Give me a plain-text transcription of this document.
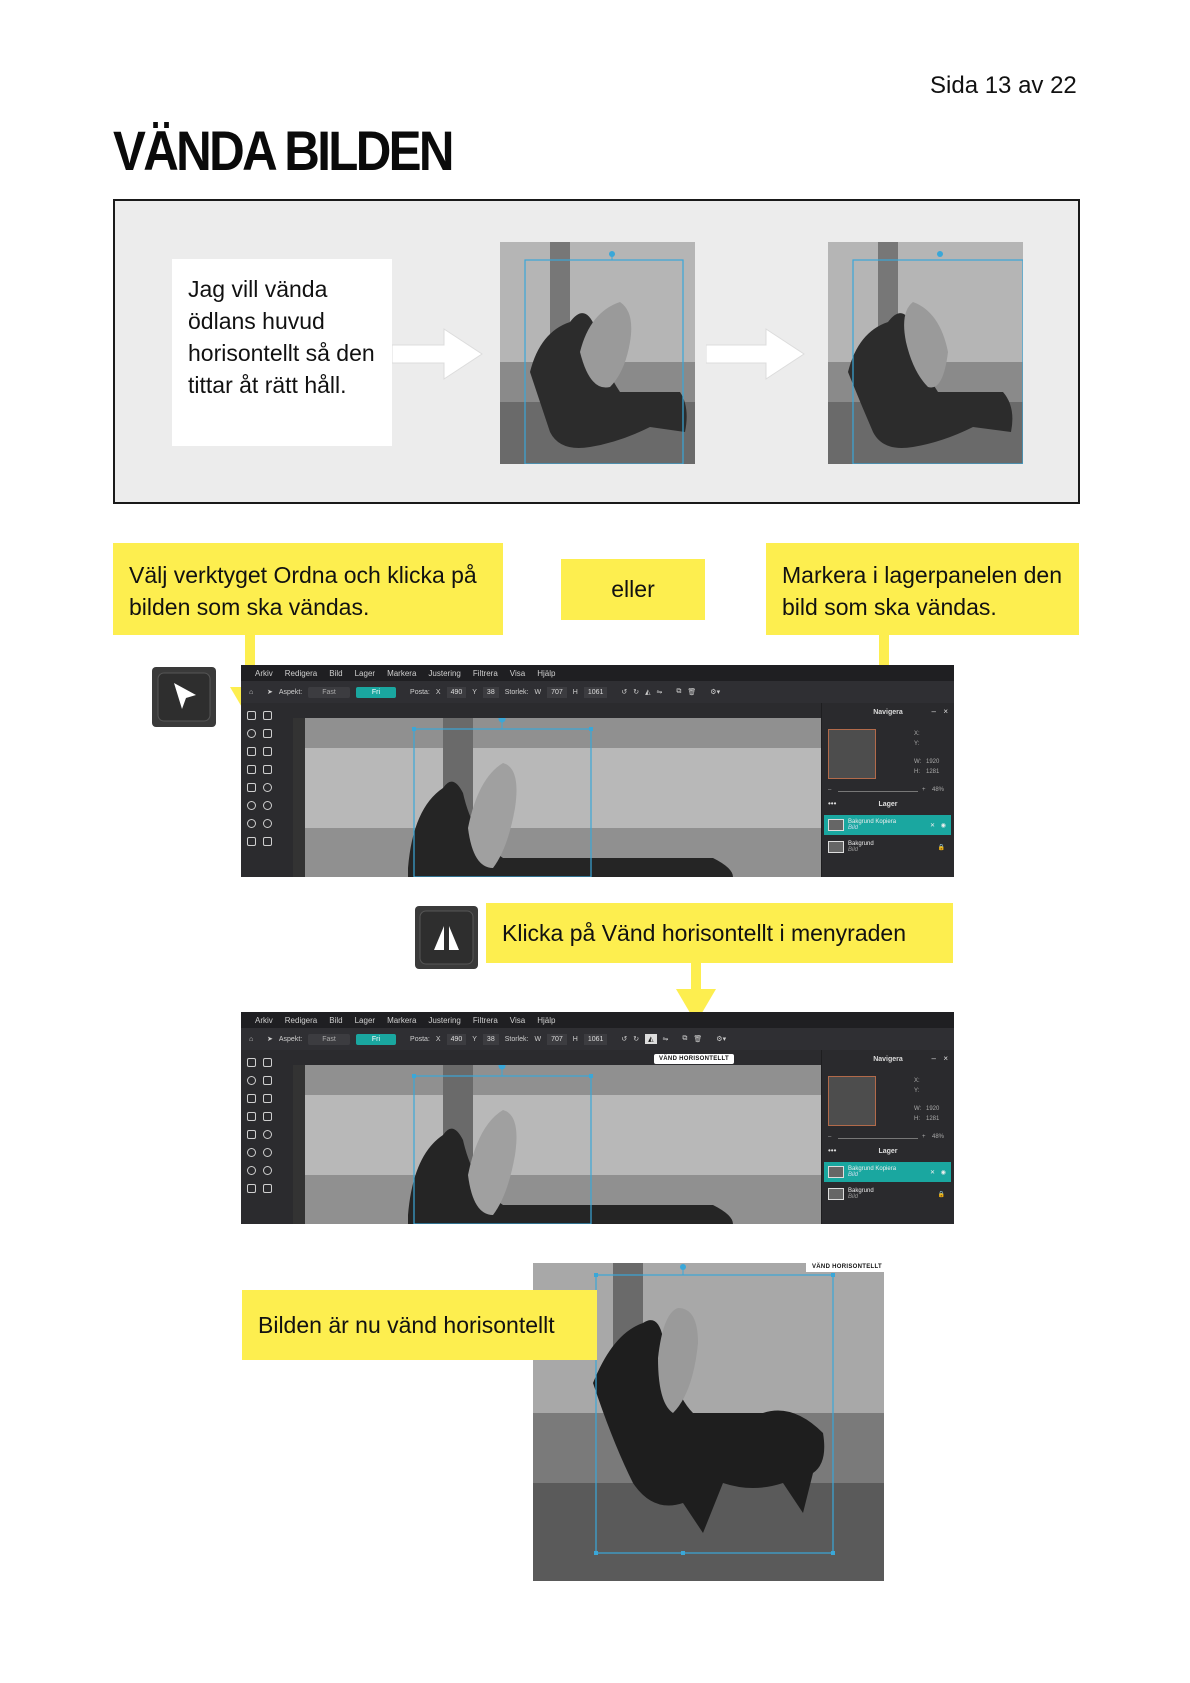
Sida 13 av 22
VÄNDA BILDEN
Jag vill vända ödlans huvud horisontellt så den tittar åt rätt håll.
Välj verktyget Ordna och klicka på bilden som ska vändas.
eller
Markera i lagerpanelen den bild som ska vändas.
Arkiv Redigera Bild Lager Markera Justering Filtrera Visa Hjälp
⌂	➤ Aspekt:	Fast	Fri	Posta: X	490	Y	38	Storlek: W	707	H	1061	↺ ↻ ◭ ⇋ ⧉ 🗑 ⚙▾
Navigera	– ×
X:
Y:
W: 1920
H: 1281
–	+ 48%
•••	Lager
Bakgrund Kopiera
Bild	✕ ◉
Bakgrund
Bild	🔒
Klicka på Vänd horisontellt i menyraden
Arkiv Redigera Bild Lager Markera Justering Filtrera Visa Hjälp
⌂	➤ Aspekt:	Fast	Fri	Posta: X	490	Y	38	Storlek: W	707	H	1061	↺ ↻	◭	⇋ ⧉ 🗑 ⚙▾
Navigera	– ×
X:
Y:
W: 1920
H: 1281
–	+ 48%
•••	Lager
Bakgrund Kopiera
Bild	✕ ◉
Bakgrund
Bild	🔒
VÄND HORISONTELLT
VÄND HORISONTELLT
Bilden är nu vänd horisontellt
